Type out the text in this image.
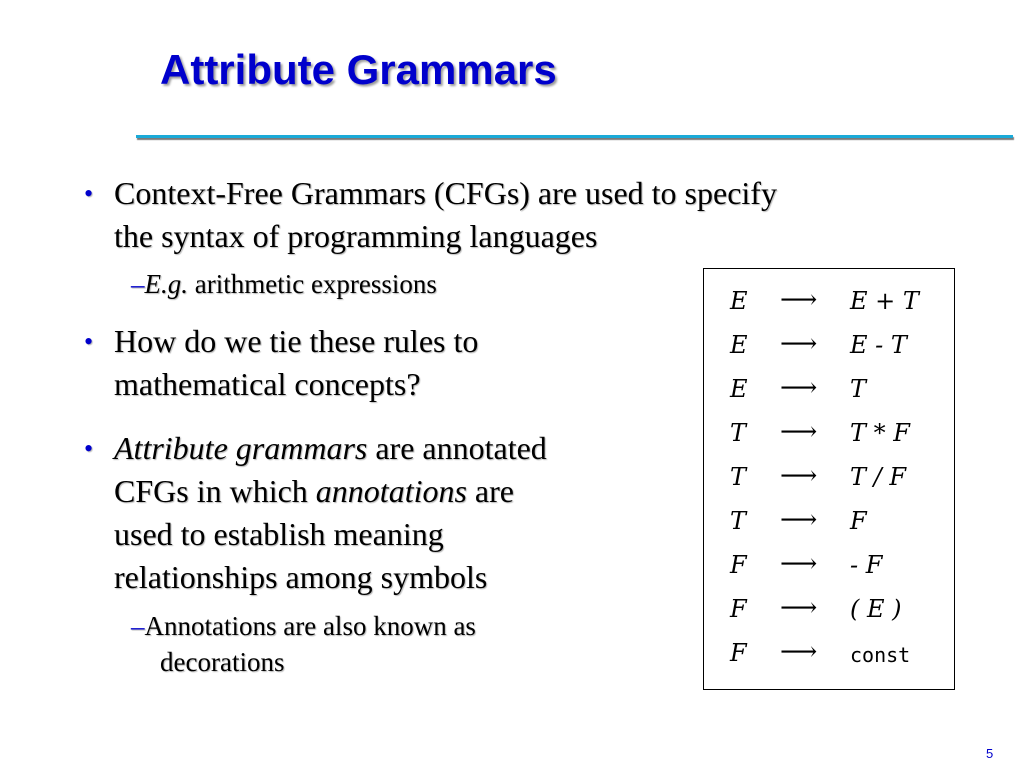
Attribute Grammars
• Context-Free Grammars (CFGs) are used to specify
the syntax of programming languages
–E.g. arithmetic expressions
• How do we tie these rules to
mathematical concepts?
• Attribute grammars are annotated
CFGs in which annotations are
used to establish meaning
relationships among symbols
–Annotations are also known as
decorations
E ⟶ E + T
E ⟶ E - T
E ⟶ T
T ⟶ T * F
T ⟶ T / F
T ⟶ F
F ⟶ - F
F ⟶ ( E )
F ⟶ const
5
